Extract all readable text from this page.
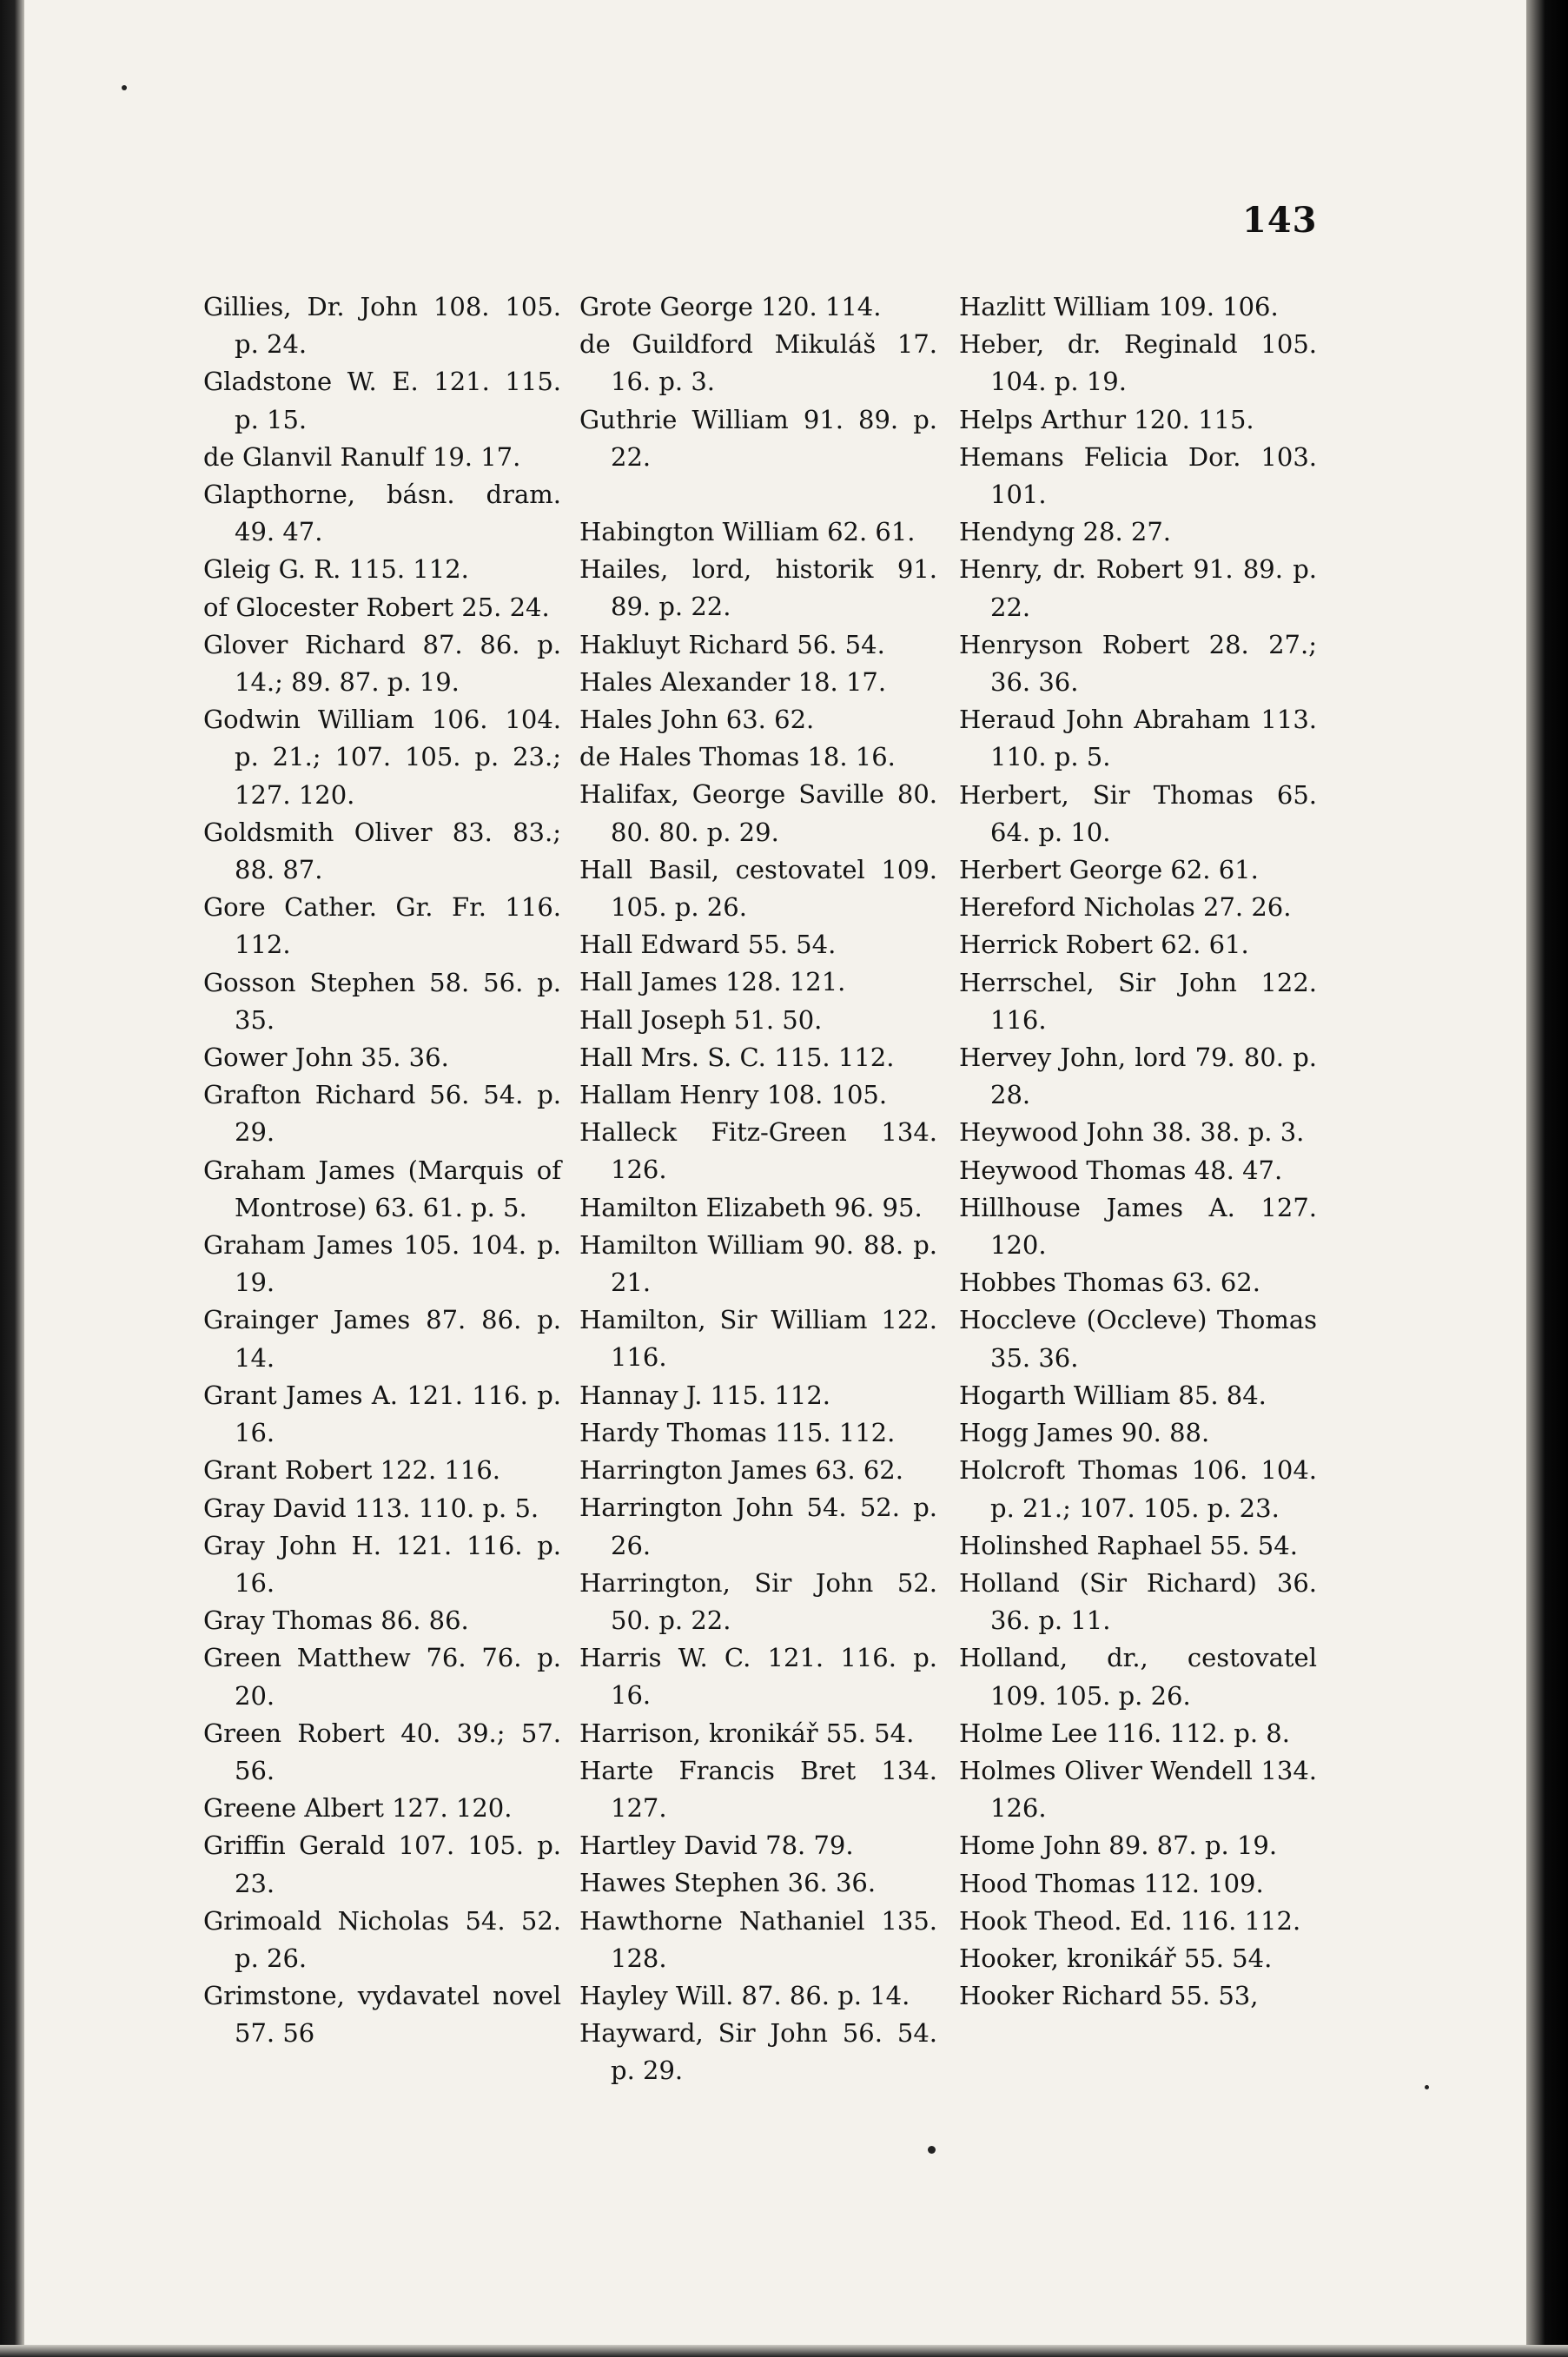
143
Gillies, Dr. John 108. 105. p. 24.
Gladstone W. E. 121. 115. p. 15.
de Glanvil Ranulf 19. 17.
Glapthorne, básn. dram. 49. 47.
Gleig G. R. 115. 112.
of Glocester Robert 25. 24.
Glover Richard 87. 86. p. 14.; 89. 87. p. 19.
Godwin William 106. 104. p. 21.; 107. 105. p. 23.; 127. 120.
Goldsmith Oliver 83. 83.; 88. 87.
Gore Cather. Gr. Fr. 116. 112.
Gosson Stephen 58. 56. p. 35.
Gower John 35. 36.
Grafton Richard 56. 54. p. 29.
Graham James (Marquis of Montrose) 63. 61. p. 5.
Graham James 105. 104. p. 19.
Grainger James 87. 86. p. 14.
Grant James A. 121. 116. p. 16.
Grant Robert 122. 116.
Gray David 113. 110. p. 5.
Gray John H. 121. 116. p. 16.
Gray Thomas 86. 86.
Green Matthew 76. 76. p. 20.
Green Robert 40. 39.; 57. 56.
Greene Albert 127. 120.
Griffin Gerald 107. 105. p. 23.
Grimoald Nicholas 54. 52. p. 26.
Grimstone, vydavatel novel 57. 56
Grote George 120. 114.
de Guildford Mikuláš 17. 16. p. 3.
Guthrie William 91. 89. p. 22.
Habington William 62. 61.
Hailes, lord, historik 91. 89. p. 22.
Hakluyt Richard 56. 54.
Hales Alexander 18. 17.
Hales John 63. 62.
de Hales Thomas 18. 16.
Halifax, George Saville 80. 80. 80. p. 29.
Hall Basil, cestovatel 109. 105. p. 26.
Hall Edward 55. 54.
Hall James 128. 121.
Hall Joseph 51. 50.
Hall Mrs. S. C. 115. 112.
Hallam Henry 108. 105.
Halleck Fitz-Green 134. 126.
Hamilton Elizabeth 96. 95.
Hamilton William 90. 88. p. 21.
Hamilton, Sir William 122. 116.
Hannay J. 115. 112.
Hardy Thomas 115. 112.
Harrington James 63. 62.
Harrington John 54. 52. p. 26.
Harrington, Sir John 52. 50. p. 22.
Harris W. C. 121. 116. p. 16.
Harrison, kronikář 55. 54.
Harte Francis Bret 134. 127.
Hartley David 78. 79.
Hawes Stephen 36. 36.
Hawthorne Nathaniel 135. 128.
Hayley Will. 87. 86. p. 14.
Hayward, Sir John 56. 54. p. 29.
Hazlitt William 109. 106.
Heber, dr. Reginald 105. 104. p. 19.
Helps Arthur 120. 115.
Hemans Felicia Dor. 103. 101.
Hendyng 28. 27.
Henry, dr. Robert 91. 89. p. 22.
Henryson Robert 28. 27.; 36. 36.
Heraud John Abraham 113. 110. p. 5.
Herbert, Sir Thomas 65. 64. p. 10.
Herbert George 62. 61.
Hereford Nicholas 27. 26.
Herrick Robert 62. 61.
Herrschel, Sir John 122. 116.
Hervey John, lord 79. 80. p. 28.
Heywood John 38. 38. p. 3.
Heywood Thomas 48. 47.
Hillhouse James A. 127. 120.
Hobbes Thomas 63. 62.
Hoccleve (Occleve) Thomas 35. 36.
Hogarth William 85. 84.
Hogg James 90. 88.
Holcroft Thomas 106. 104. p. 21.; 107. 105. p. 23.
Holinshed Raphael 55. 54.
Holland (Sir Richard) 36. 36. p. 11.
Holland, dr., cestovatel 109. 105. p. 26.
Holme Lee 116. 112. p. 8.
Holmes Oliver Wendell 134. 126.
Home John 89. 87. p. 19.
Hood Thomas 112. 109.
Hook Theod. Ed. 116. 112.
Hooker, kronikář 55. 54.
Hooker Richard 55. 53,
